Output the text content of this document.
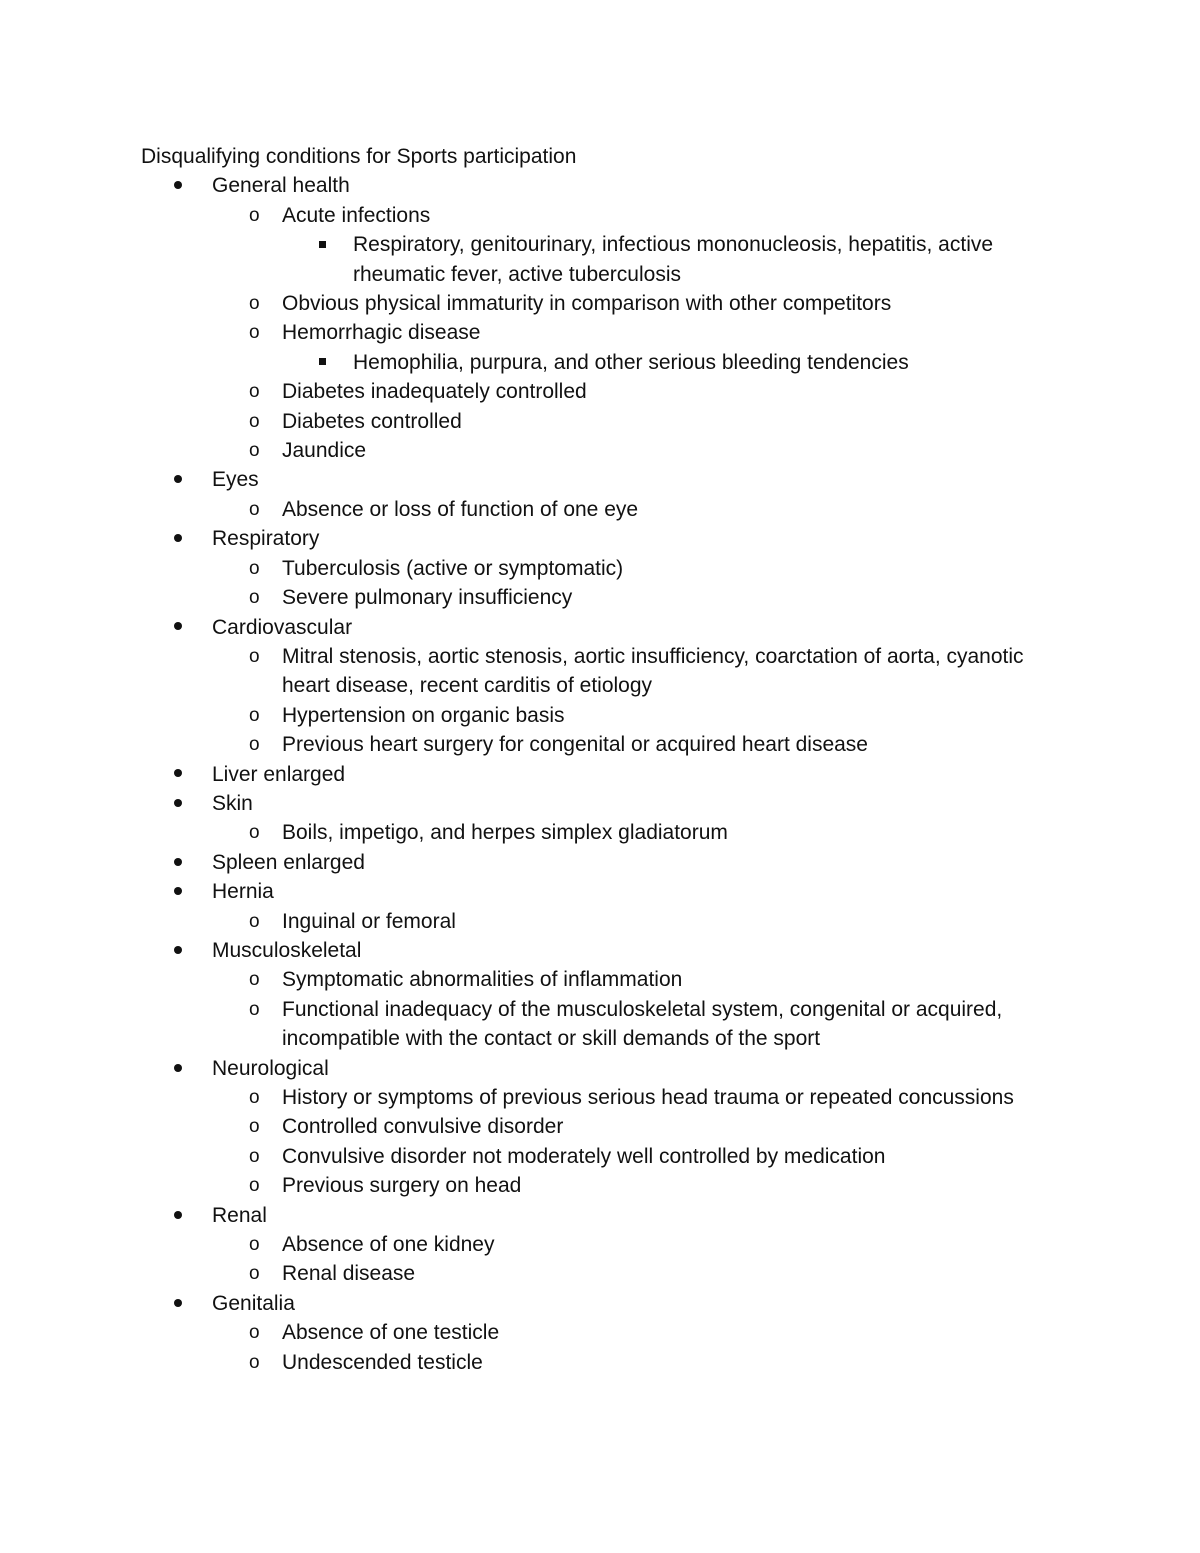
Disqualifying conditions for Sports participation

General health
o
Acute infections
Respiratory, genitourinary, infectious mononucleosis, hepatitis, active rheumatic fever, active tuberculosis
o
Obvious physical immaturity in comparison with other competitors
o
Hemorrhagic disease
Hemophilia, purpura, and other serious bleeding tendencies
o
Diabetes inadequately controlled
o
Diabetes controlled
o
Jaundice
Eyes
o
Absence or loss of function of one eye
Respiratory
o
Tuberculosis (active or symptomatic)
o
Severe pulmonary insufficiency
Cardiovascular
o
Mitral stenosis, aortic stenosis, aortic insufficiency, coarctation of aorta, cyanotic heart disease, recent carditis of etiology
o
Hypertension on organic basis
o
Previous heart surgery for congenital or acquired heart disease
Liver enlarged
Skin
o
Boils, impetigo, and herpes simplex gladiatorum
Spleen enlarged
Hernia
o
Inguinal or femoral
Musculoskeletal
o
Symptomatic abnormalities of inflammation
o
Functional inadequacy of the musculoskeletal system, congenital or acquired, incompatible with the contact or skill demands of the sport
Neurological
o
History or symptoms of previous serious head trauma or repeated concussions
o
Controlled convulsive disorder
o
Convulsive disorder not moderately well controlled by medication
o
Previous surgery on head
Renal
o
Absence of one kidney
o
Renal disease
Genitalia
o
Absence of one testicle
o
Undescended testicle
